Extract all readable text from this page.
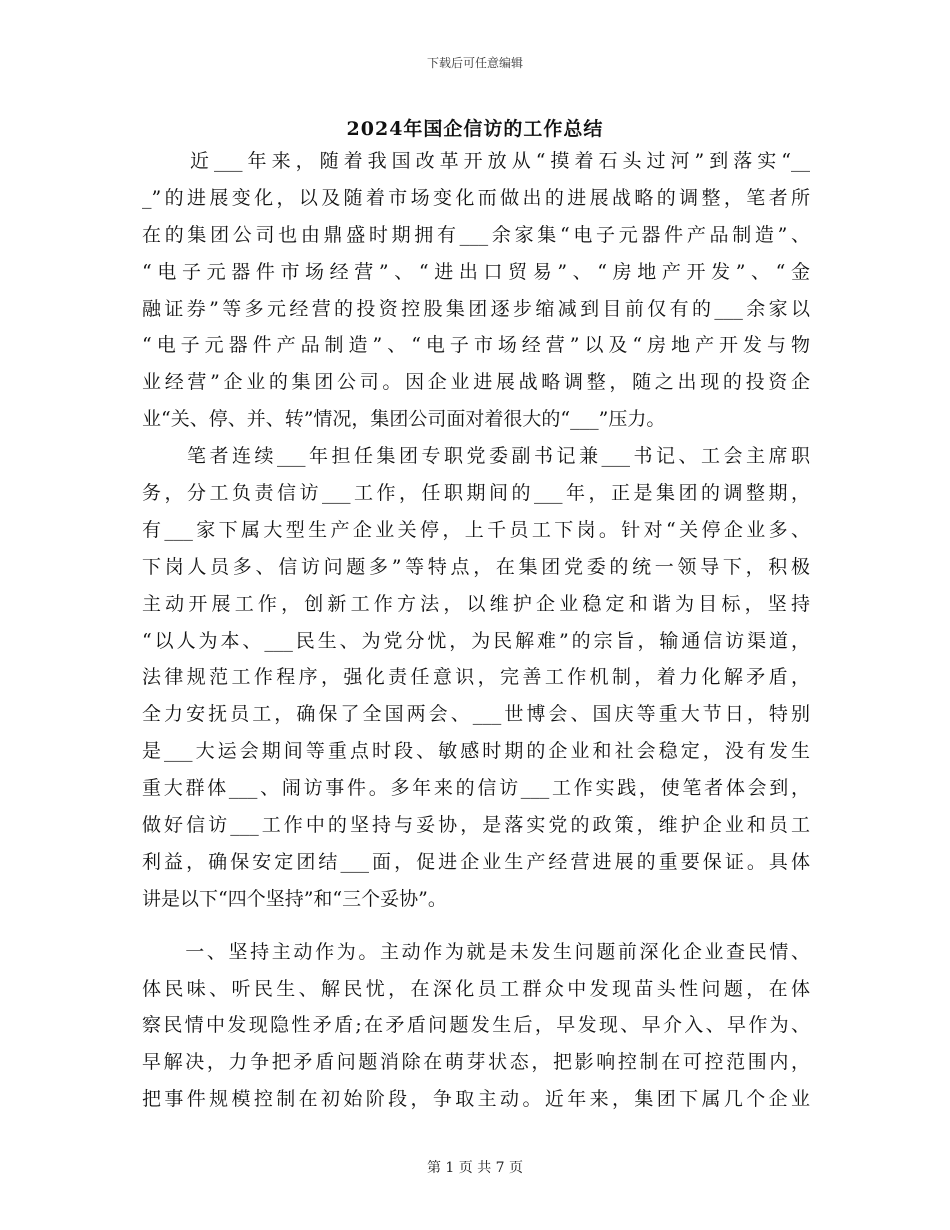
下载后可任意编辑
2024年国企信访的工作总结
　　近___年来，随着我国改革开放从“摸着石头过河”到落实“__
_”的进展变化，以及随着市场变化而做出的进展战略的调整，笔者所
在的集团公司也由鼎盛时期拥有___余家集“电子元器件产品制造”、
“电子元器件市场经营”、“进出口贸易”、“房地产开发”、“金
融证券”等多元经营的投资控股集团逐步缩减到目前仅有的___余家以
“电子元器件产品制造”、“电子市场经营”以及“房地产开发与物
业经营”企业的集团公司。因企业进展战略调整，随之出现的投资企
业“关、停、并、转”情况，集团公司面对着很大的“___”压力。
　　笔者连续___年担任集团专职党委副书记兼___书记、工会主席职
务，分工负责信访___工作，任职期间的___年，正是集团的调整期，
有___家下属大型生产企业关停，上千员工下岗。针对“关停企业多、
下岗人员多、信访问题多”等特点，在集团党委的统一领导下，积极
主动开展工作，创新工作方法，以维护企业稳定和谐为目标，坚持
“以人为本、___民生、为党分忧，为民解难”的宗旨，输通信访渠道，
法律规范工作程序，强化责任意识，完善工作机制，着力化解矛盾，
全力安抚员工，确保了全国两会、___世博会、国庆等重大节日，特别
是___大运会期间等重点时段、敏感时期的企业和社会稳定，没有发生
重大群体___、闹访事件。多年来的信访___工作实践，使笔者体会到，
做好信访___工作中的坚持与妥协，是落实党的政策，维护企业和员工
利益，确保安定团结___面，促进企业生产经营进展的重要保证。具体
讲是以下“四个坚持”和“三个妥协”。
　　一、坚持主动作为。主动作为就是未发生问题前深化企业查民情、
体民味、听民生、解民忧，在深化员工群众中发现苗头性问题，在体
察民情中发现隐性矛盾;在矛盾问题发生后，早发现、早介入、早作为、
早解决，力争把矛盾问题消除在萌芽状态，把影响控制在可控范围内，
把事件规模控制在初始阶段，争取主动。近年来，集团下属几个企业
第 1 页 共 7 页
